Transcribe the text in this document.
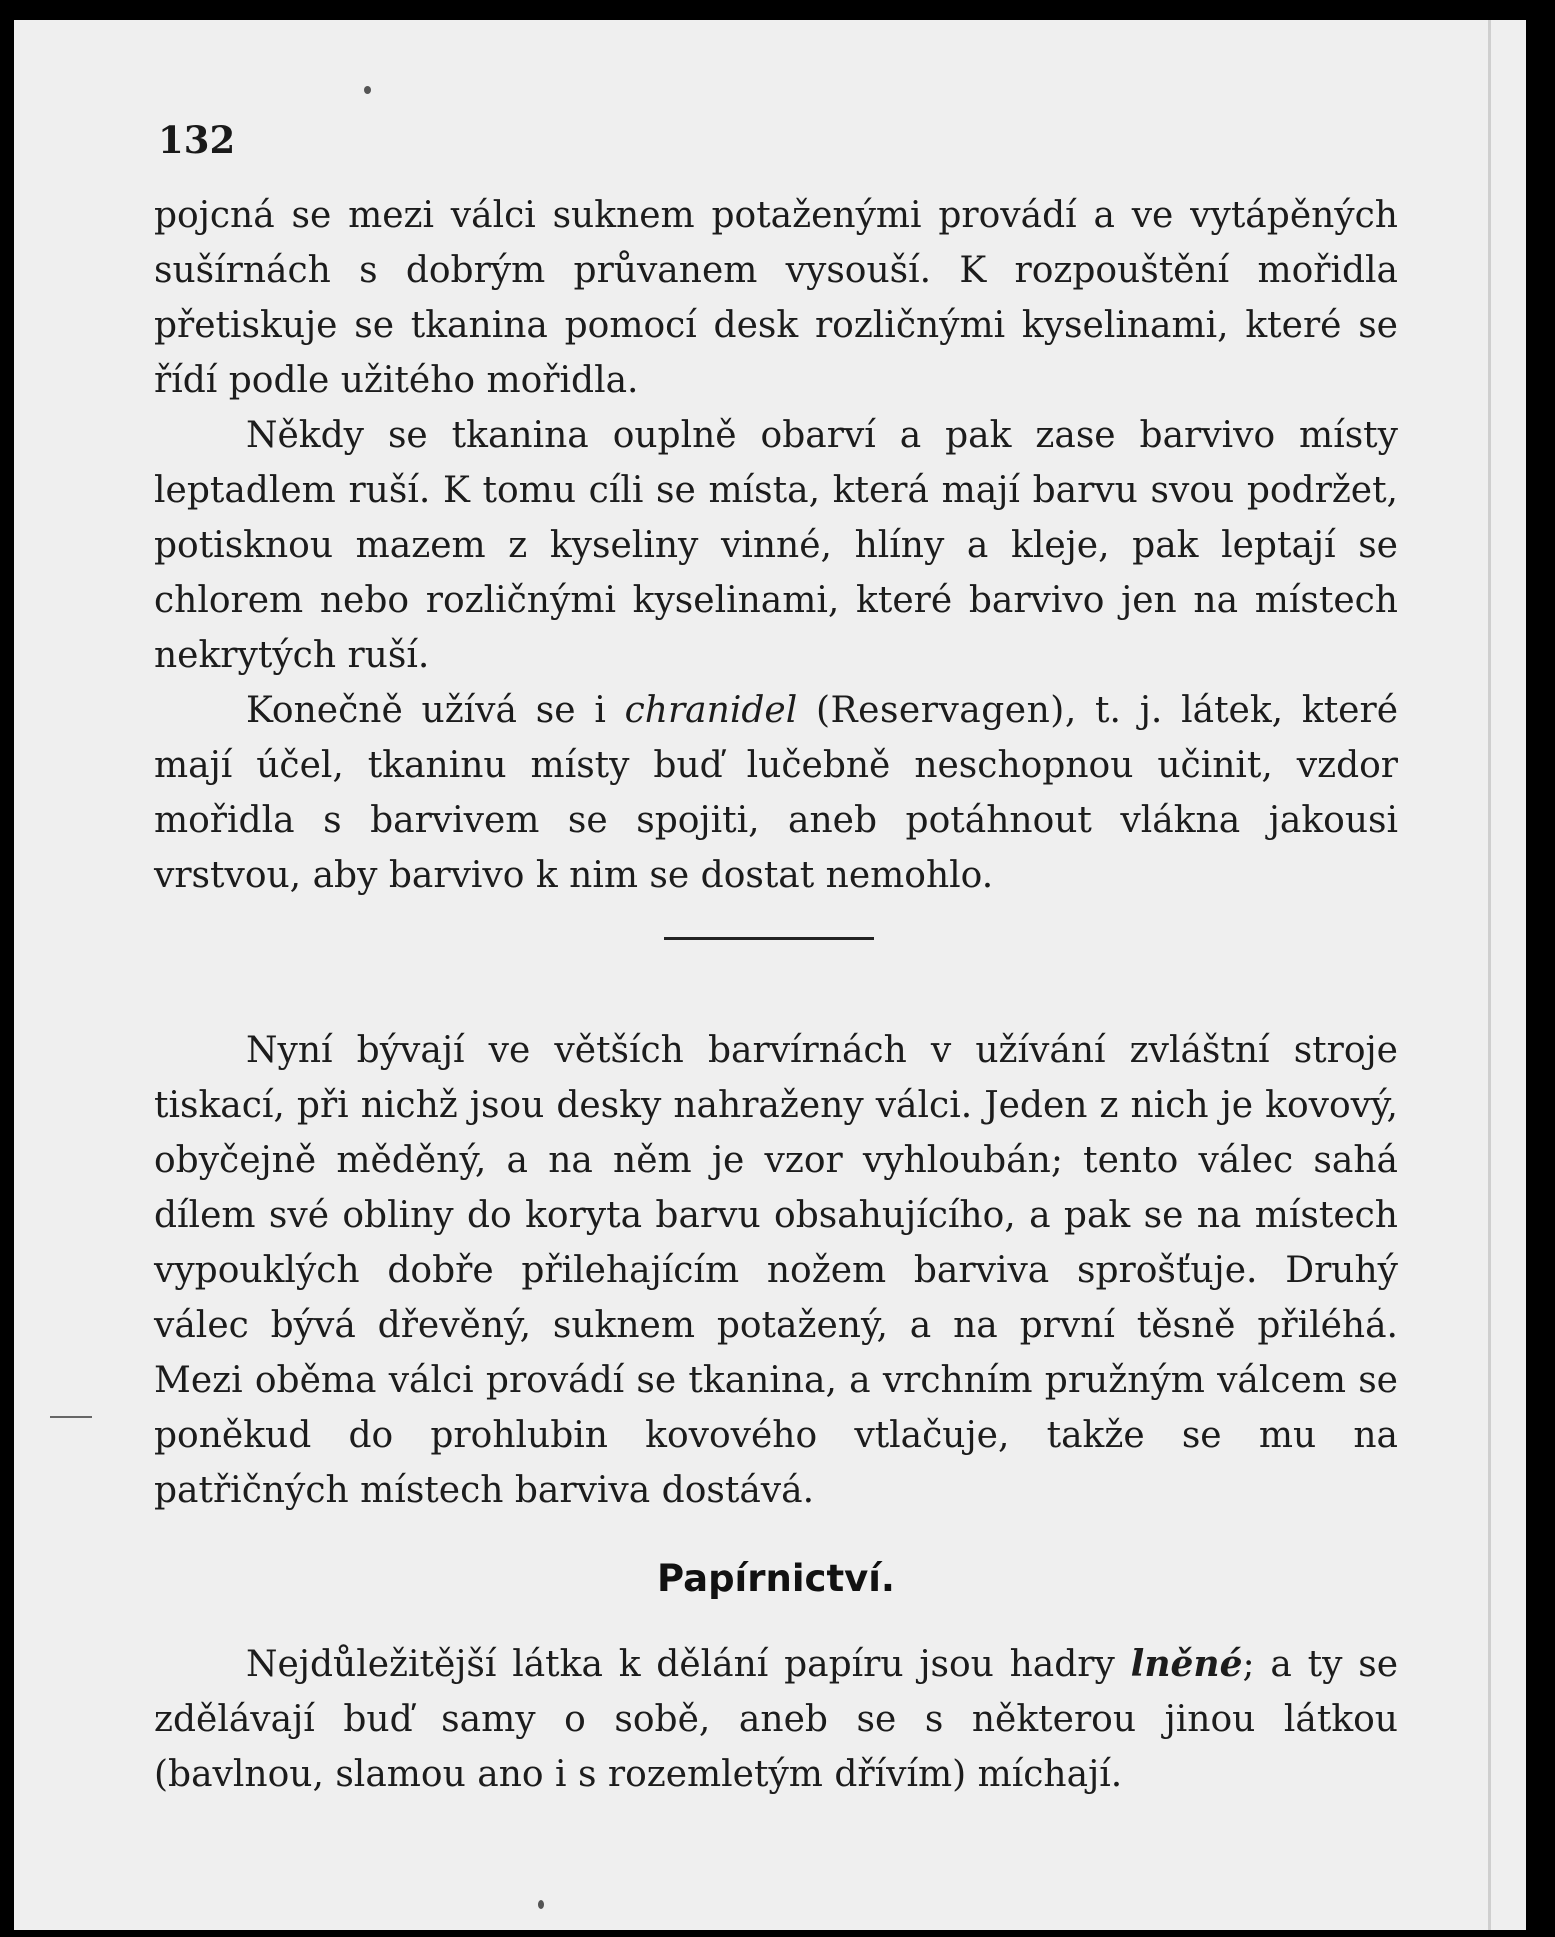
132

pojcná se mezi válci suknem potaženými provádí a ve vytápěných sušírnách s dobrým průvanem vysouší. K rozpouštění mořidla přetiskuje se tkanina pomocí desk rozličnými kyselinami, které se řídí podle užitého mořidla.

Někdy se tkanina ouplně obarví a pak zase barvivo místy leptadlem ruší. K tomu cíli se místa, která mají barvu svou podržet, potisknou mazem z kyseliny vinné, hlíny a kleje, pak leptají se chlorem nebo rozličnými kyselinami, které barvivo jen na místech nekrytých ruší.

Konečně užívá se i chranidel (Reservagen), t. j. látek, které mají účel, tkaninu místy buď lučebně neschopnou učinit, vzdor mořidla s barvivem se spojiti, aneb potáhnout vlákna jakousi vrstvou, aby barvivo k nim se dostat nemohlo.

Nyní bývají ve větších barvírnách v užívání zvláštní stroje tiskací, při nichž jsou desky nahraženy válci. Jeden z nich je kovový, obyčejně měděný, a na něm je vzor vyhloubán; tento válec sahá dílem své obliny do koryta barvu obsahujícího, a pak se na místech vypouklých dobře přilehajícím nožem barviva sprošťuje. Druhý válec bývá dřevěný, suknem potažený, a na první těsně přiléhá. Mezi oběma válci provádí se tkanina, a vrchním pružným válcem se poněkud do prohlubin kovového vtlačuje, takže se mu na patřičných místech barviva dostává.

Papírnictví.

Nejdůležitější látka k dělání papíru jsou hadry lněné; a ty se zdělávají buď samy o sobě, aneb se s některou jinou látkou (bavlnou, slamou ano i s rozemletým dřívím) míchají.
